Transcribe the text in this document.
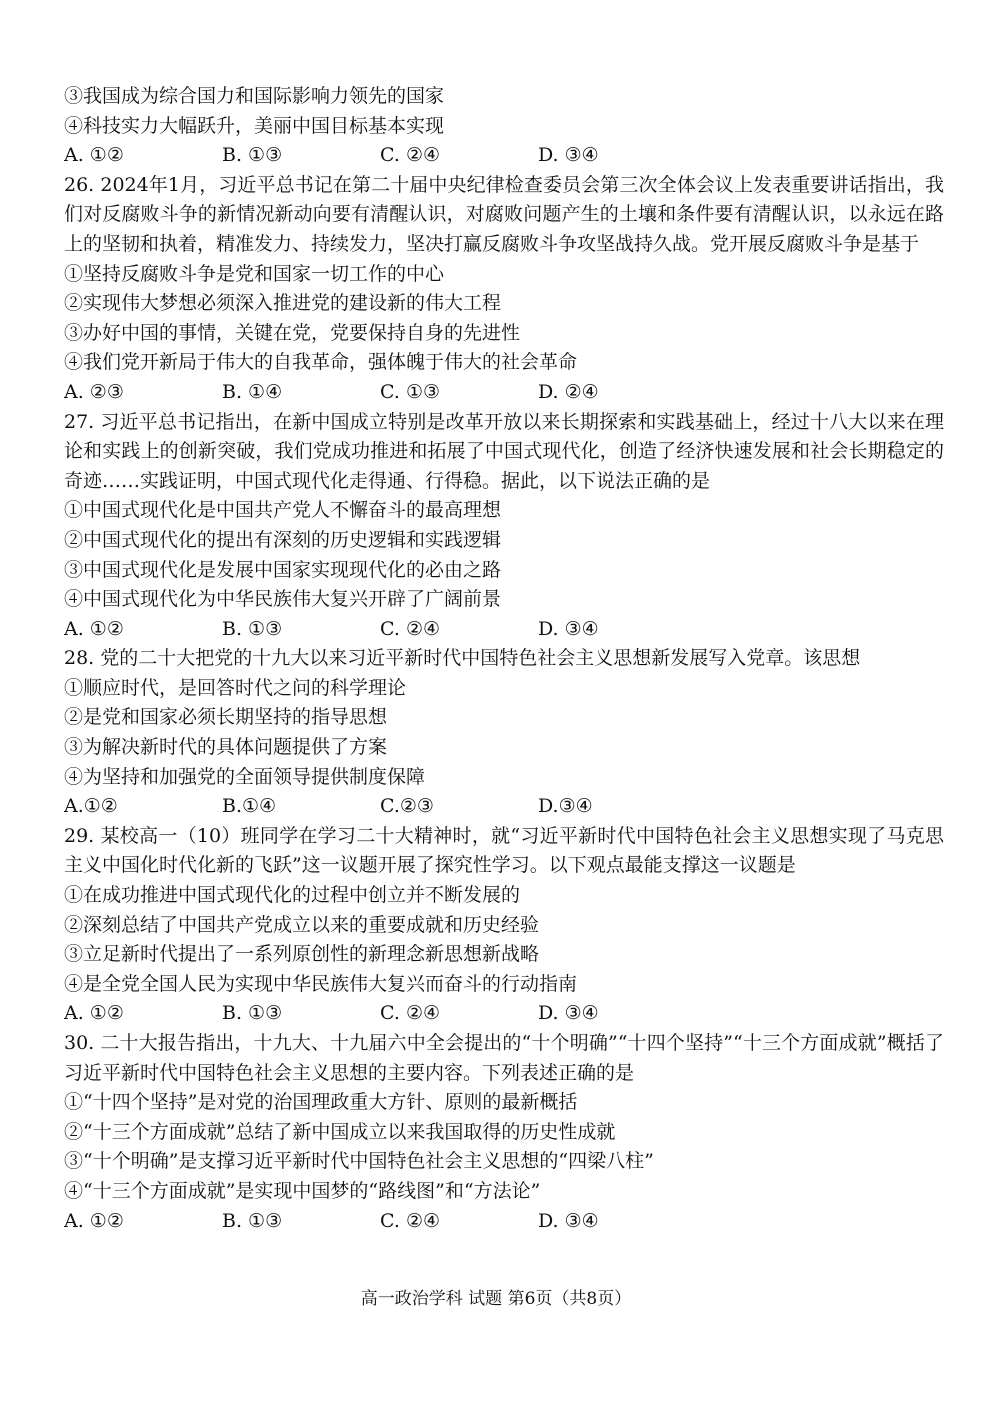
③我国成为综合国力和国际影响力领先的国家
④科技实力大幅跃升，美丽中国目标基本实现
A. ①②	B. ①③	C. ②④	D. ③④
26. 2024年1月，习近平总书记在第二十届中央纪律检查委员会第三次全体会议上发表重要讲话指出，我们对反腐败斗争的新情况新动向要有清醒认识，对腐败问题产生的土壤和条件要有清醒认识，以永远在路上的坚韧和执着，精准发力、持续发力，坚决打赢反腐败斗争攻坚战持久战。党开展反腐败斗争是基于
①坚持反腐败斗争是党和国家一切工作的中心
②实现伟大梦想必须深入推进党的建设新的伟大工程
③办好中国的事情，关键在党，党要保持自身的先进性
④我们党开新局于伟大的自我革命，强体魄于伟大的社会革命
A. ②③	B. ①④	C. ①③	D. ②④
27. 习近平总书记指出，在新中国成立特别是改革开放以来长期探索和实践基础上，经过十八大以来在理论和实践上的创新突破，我们党成功推进和拓展了中国式现代化，创造了经济快速发展和社会长期稳定的奇迹……实践证明，中国式现代化走得通、行得稳。据此，以下说法正确的是
①中国式现代化是中国共产党人不懈奋斗的最高理想
②中国式现代化的提出有深刻的历史逻辑和实践逻辑
③中国式现代化是发展中国家实现现代化的必由之路
④中国式现代化为中华民族伟大复兴开辟了广阔前景
A. ①②	B. ①③	C. ②④	D. ③④
28. 党的二十大把党的十九大以来习近平新时代中国特色社会主义思想新发展写入党章。该思想
①顺应时代，是回答时代之问的科学理论
②是党和国家必须长期坚持的指导思想
③为解决新时代的具体问题提供了方案
④为坚持和加强党的全面领导提供制度保障
A.①②	B.①④	C.②③	D.③④
29. 某校高一（10）班同学在学习二十大精神时，就“习近平新时代中国特色社会主义思想实现了马克思主义中国化时代化新的飞跃”这一议题开展了探究性学习。以下观点最能支撑这一议题是
①在成功推进中国式现代化的过程中创立并不断发展的
②深刻总结了中国共产党成立以来的重要成就和历史经验
③立足新时代提出了一系列原创性的新理念新思想新战略
④是全党全国人民为实现中华民族伟大复兴而奋斗的行动指南
A. ①②	B. ①③	C. ②④	D. ③④
30. 二十大报告指出，十九大、十九届六中全会提出的“十个明确”“十四个坚持”“十三个方面成就”概括了习近平新时代中国特色社会主义思想的主要内容。下列表述正确的是
①“十四个坚持”是对党的治国理政重大方针、原则的最新概括
②“十三个方面成就”总结了新中国成立以来我国取得的历史性成就
③“十个明确”是支撑习近平新时代中国特色社会主义思想的“四梁八柱”
④“十三个方面成就”是实现中国梦的“路线图”和“方法论”
A. ①②	B. ①③	C. ②④	D. ③④
高一政治学科 试题 第6页（共8页）
